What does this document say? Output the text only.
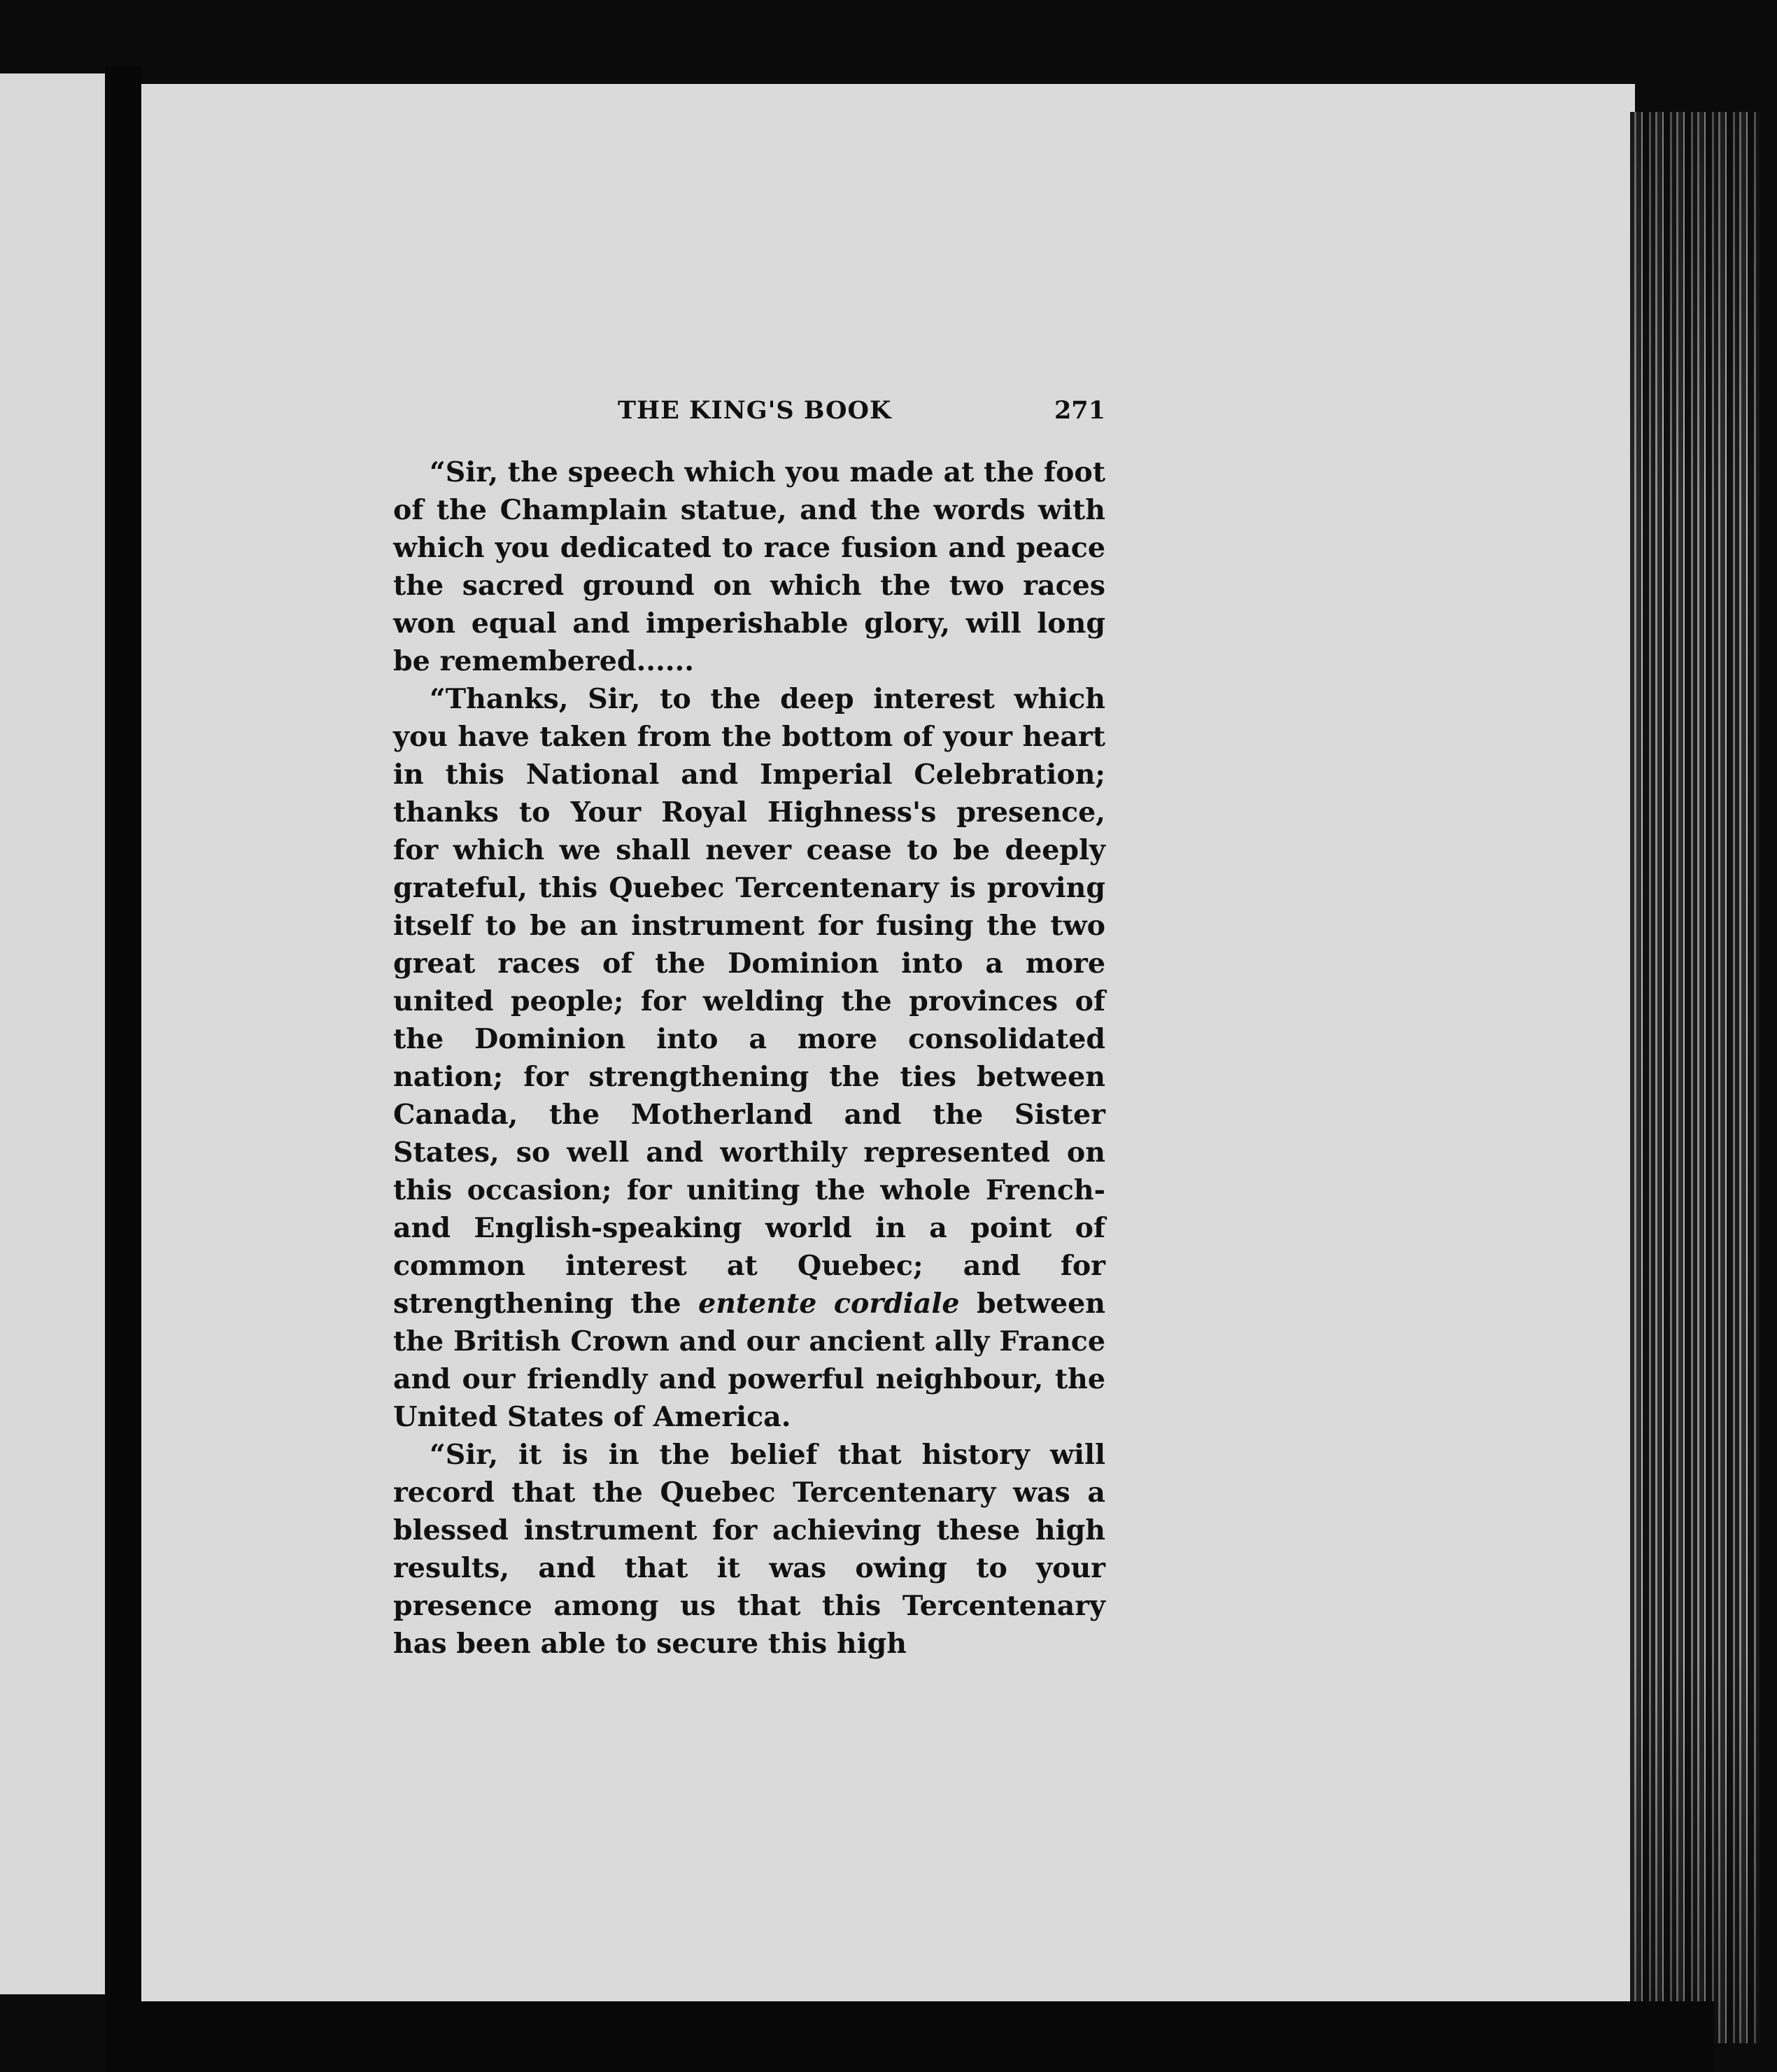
THE KING'S BOOK	271

“Sir, the speech which you made at the foot of the Champlain statue, and the words with which you dedicated to race fusion and peace the sacred ground on which the two races won equal and imperishable glory, will long be remembered......

“Thanks, Sir, to the deep interest which you have taken from the bottom of your heart in this National and Imperial Celebration; thanks to Your Royal Highness's presence, for which we shall never cease to be deeply grateful, this Quebec Tercentenary is proving itself to be an instrument for fusing the two great races of the Dominion into a more united people; for welding the provinces of the Dominion into a more consolidated nation; for strengthening the ties between Canada, the Motherland and the Sister States, so well and worthily represented on this occasion; for uniting the whole French- and English-speaking world in a point of common interest at Quebec; and for strengthening the entente cordiale between the British Crown and our ancient ally France and our friendly and powerful neighbour, the United States of America.

“Sir, it is in the belief that history will record that the Quebec Tercentenary was a blessed instrument for achieving these high results, and that it was owing to your presence among us that this Tercentenary has been able to secure this high
